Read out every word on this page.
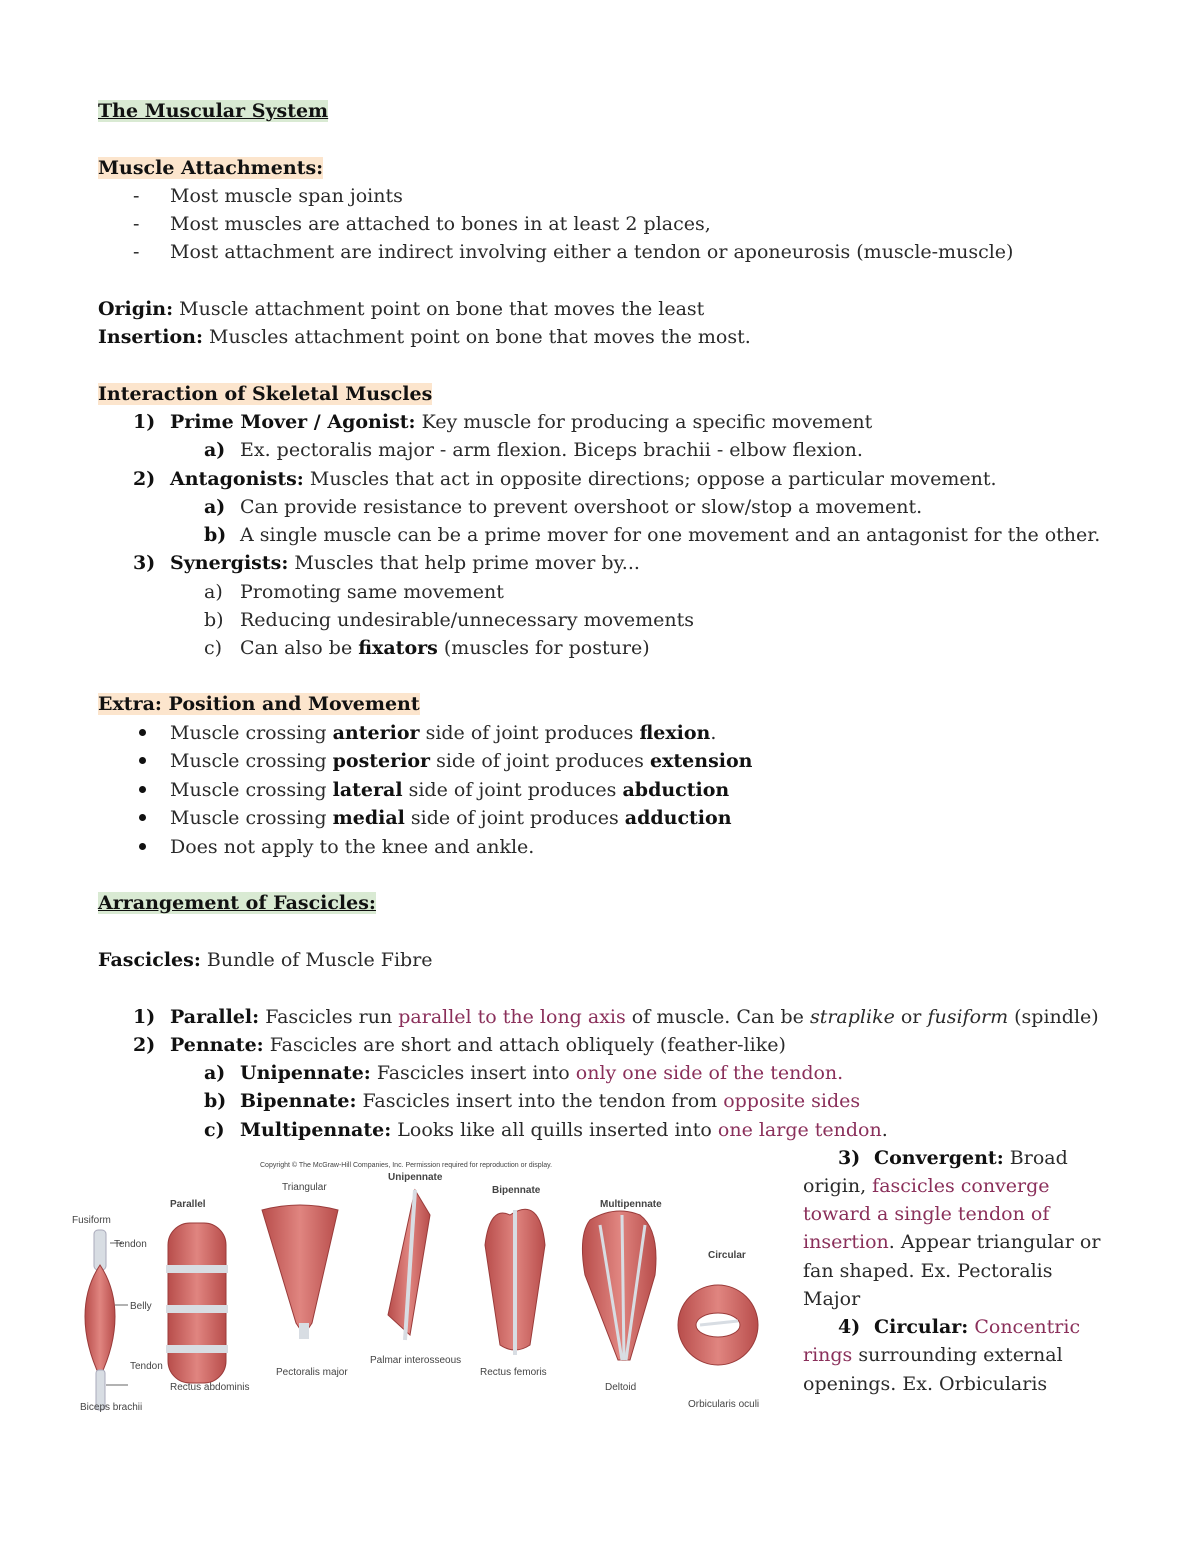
The Muscular System
Muscle Attachments:
- Most muscle span joints
- Most muscles are attached to bones in at least 2 places,
- Most attachment are indirect involving either a tendon or aponeurosis (muscle-muscle)
Origin: Muscle attachment point on bone that moves the least
Insertion: Muscles attachment point on bone that moves the most.
Interaction of Skeletal Muscles
1) Prime Mover / Agonist: Key muscle for producing a specific movement
a) Ex. pectoralis major - arm flexion. Biceps brachii - elbow flexion.
2) Antagonists: Muscles that act in opposite directions; oppose a particular movement.
a) Can provide resistance to prevent overshoot or slow/stop a movement.
b) A single muscle can be a prime mover for one movement and an antagonist for the other.
3) Synergists: Muscles that help prime mover by...
a) Promoting same movement
b) Reducing undesirable/unnecessary movements
c) Can also be fixators (muscles for posture)
Extra: Position and Movement
Muscle crossing anterior side of joint produces flexion.
Muscle crossing posterior side of joint produces extension
Muscle crossing lateral side of joint produces abduction
Muscle crossing medial side of joint produces adduction
Does not apply to the knee and ankle.
Arrangement of Fascicles:
Fascicles: Bundle of Muscle Fibre
1) Parallel: Fascicles run parallel to the long axis of muscle. Can be straplike or fusiform (spindle)
2) Pennate: Fascicles are short and attach obliquely (feather-like)
a) Unipennate: Fascicles insert into only one side of the tendon.
b) Bipennate: Fascicles insert into the tendon from opposite sides
c) Multipennate: Looks like all quills inserted into one large tendon.
3) Convergent: Broad
origin, fascicles converge
toward a single tendon of
insertion. Appear triangular or
fan shaped. Ex. Pectoralis
Major
4) Circular: Concentric
rings surrounding external
openings. Ex. Orbicularis
Copyright © The McGraw-Hill Companies, Inc. Permission required for reproduction or display.
Fusiform
Tendon
Belly
Tendon
Biceps brachii
Parallel
Rectus abdominis
Triangular
Pectoralis major
Unipennate
Palmar interosseous
Bipennate
Rectus femoris
Multipennate
Deltoid
Circular
Orbicularis oculi
